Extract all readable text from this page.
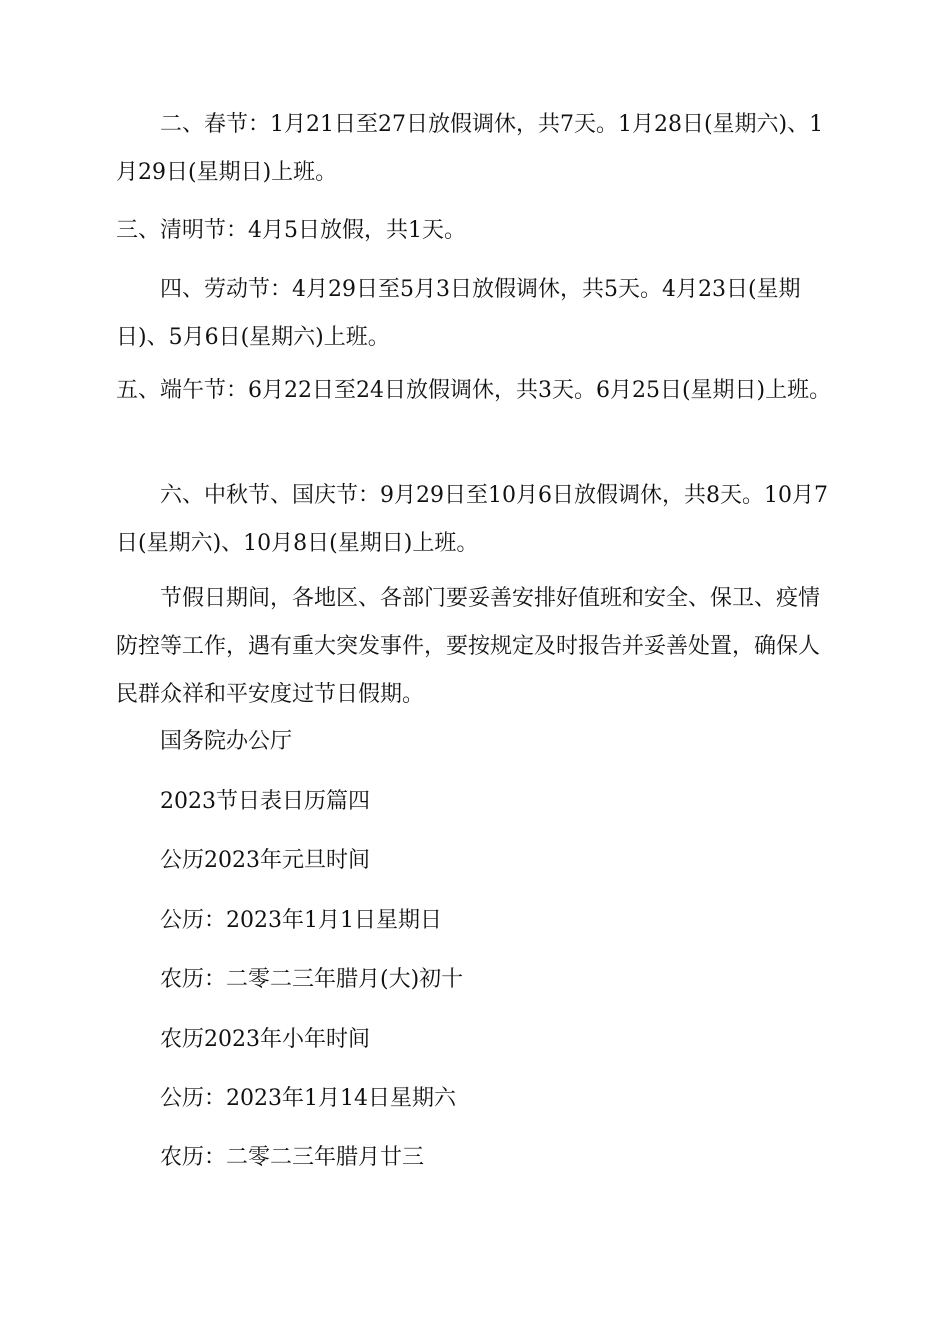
二、春节：1月21日至27日放假调休，共7天。1月28日(星期六)、1月29日(星期日)上班。

三、清明节：4月5日放假，共1天。

四、劳动节：4月29日至5月3日放假调休，共5天。4月23日(星期日)、5月6日(星期六)上班。

五、端午节：6月22日至24日放假调休，共3天。6月25日(星期日)上班。

六、中秋节、国庆节：9月29日至10月6日放假调休，共8天。10月7日(星期六)、10月8日(星期日)上班。

节假日期间，各地区、各部门要妥善安排好值班和安全、保卫、疫情防控等工作，遇有重大突发事件，要按规定及时报告并妥善处置，确保人民群众祥和平安度过节日假期。

国务院办公厅

2023节日表日历篇四

公历2023年元旦时间

公历：2023年1月1日星期日

农历：二零二三年腊月(大)初十

农历2023年小年时间

公历：2023年1月14日星期六

农历：二零二三年腊月廿三
